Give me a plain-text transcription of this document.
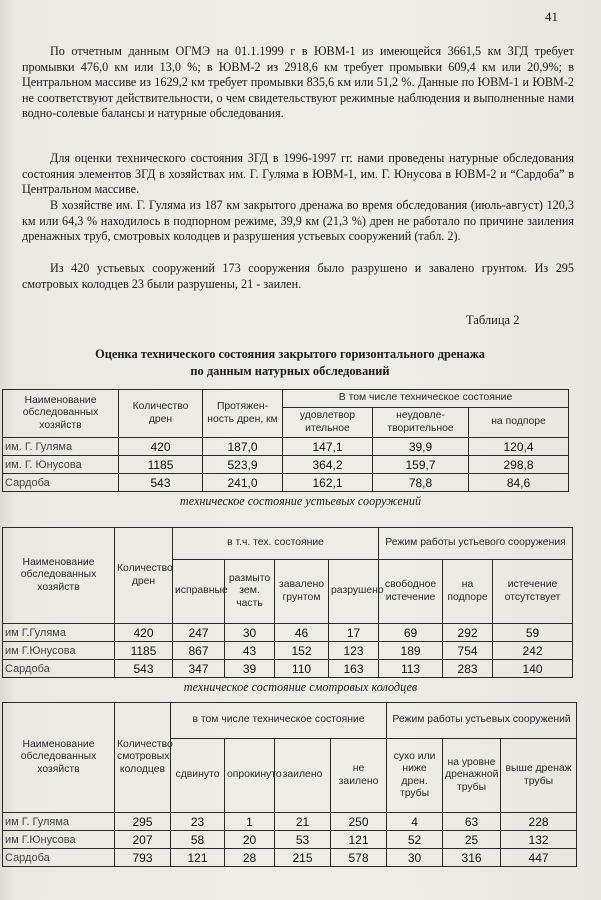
41

По отчетным данным ОГМЭ на 01.1.1999 г в ЮВМ-1 из имеющейся 3661,5 км ЗГД требует промывки 476,0 км или 13,0 %; в ЮВМ-2 из 2918,6 км требует промывки 609,4 км или 20,9%; в Центральном массиве из 1629,2 км требует промывки 835,6 км или 51,2 %. Данные по ЮВМ-1 и ЮВМ-2 не соответствуют действительности, о чем свидетельствуют режимные наблюдения и выполненные нами водно-солевые балансы и натурные обследования.

Для оценки технического состояния ЗГД в 1996-1997 гг. нами проведены натурные обследования состояния элементов ЗГД в хозяйствах им. Г. Гуляма в ЮВМ-1, им. Г. Юнусова в ЮВМ-2 и “Сардоба” в Центральном массиве.

В хозяйстве им. Г. Гуляма из 187 км закрытого дренажа во время обследования (июль-август) 120,3 км или 64,3 % находилось в подпорном режиме, 39,9 км (21,3 %) дрен не работало по причине заиления дренажных труб, смотровых колодцев и разрушения устьевых сооружений (табл. 2).

Из 420 устьевых сооружений 173 сооружения было разрушено и завалено грунтом. Из 295 смотровых колодцев 23 были разрушены, 21 - заилен.

Таблица 2
Оценка технического состояния закрытого горизонтального дренажа
по данным натурных обследований
Наименование обследованных хозяйств	Количество дрен	Протяжен-ность дрен, км	В том числе техническое состояние		
			удовлетвор ительное	неудовле-творительное	на подпоре
им. Г. Гуляма	420	187,0	147,1	39,9	120,4
им. Г. Юнусова	1185	523,9	364,2	159,7	298,8
Сардоба	543	241,0	162,1	78,8	84,6
техническое состояние устьевых сооружений
Наименование обследованных хозяйств	Количество дрен	в т.ч. тех. состояние				Режим работы устьевого сооружения		
		исправные	размыто зем. часть	завалено грунтом	разрушено	свободное истечение	на подпоре	истечение отсутствует
им Г.Гуляма	420	247	30	46	17	69	292	59
им Г.Юнусова	1185	867	43	152	123	189	754	242
Сардоба	543	347	39	110	163	113	283	140
техническое состояние смотровых колодцев
Наименование обследованных хозяйств	Количество смотровых колодцев	в том числе техническое состояние				Режим работы устьевых сооружений		
		сдвинуто	опрокинуто	заилено	не заилено	сухо или ниже дрен. трубы	на уровне дренажной трубы	выше дренаж трубы
им Г. Гуляма	295	23	1	21	250	4	63	228
им Г.Юнусова	207	58	20	53	121	52	25	132
Сардоба	793	121	28	215	578	30	316	447
